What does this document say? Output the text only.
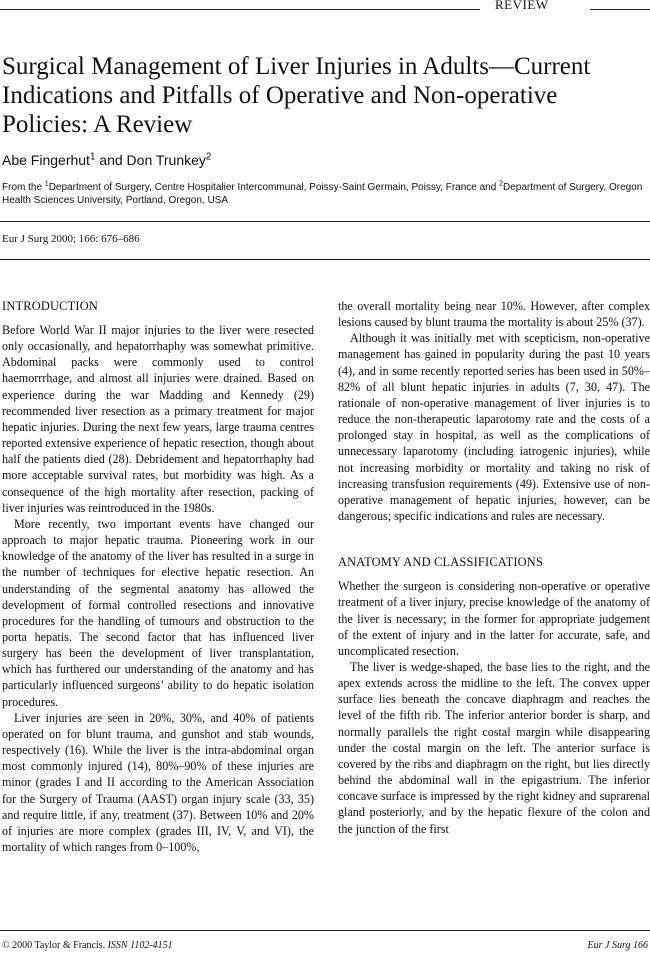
REVIEW
Surgical Management of Liver Injuries in Adults—Current Indications and Pitfalls of Operative and Non-operative Policies: A Review
Abe Fingerhut$^1$ and Don Trunkey$^2$
From the $^1$Department of Surgery, Centre Hospitalier Intercommunal, Poissy-Saint Germain, Poissy, France and $^2$Department of Surgery, Oregon Health Sciences University, Portland, Oregon, USA
Eur J Surg 2000; 166: 676–686
INTRODUCTION

Before World War II major injuries to the liver were resected only occasionally, and hepatorrhaphy was somewhat primitive. Abdominal packs were commonly used to control haemorrrhage, and almost all injuries were drained. Based on experience during the war Madding and Kennedy (29) recommended liver resection as a primary treatment for major hepatic injuries. During the next few years, large trauma centres reported extensive experience of hepatic resection, though about half the patients died (28). Debridement and hepatorrhaphy had more acceptable survival rates, but morbidity was high. As a consequence of the high mortality after resection, packing of liver injuries was reintroduced in the 1980s.

More recently, two important events have changed our approach to major hepatic trauma. Pioneering work in our knowledge of the anatomy of the liver has resulted in a surge in the number of techniques for elective hepatic resection. An understanding of the segmental anatomy has allowed the development of formal controlled resections and innovative procedures for the handling of tumours and obstruction to the porta hepatis. The second factor that has influenced liver surgery has been the development of liver transplantation, which has furthered our understanding of the anatomy and has particularly influenced surgeons’ ability to do hepatic isolation procedures.

Liver injuries are seen in 20%, 30%, and 40% of patients operated on for blunt trauma, and gunshot and stab wounds, respectively (16). While the liver is the intra-abdominal organ most commonly injured (14), 80%–90% of these injuries are minor (grades I and II according to the American Association for the Surgery of Trauma (AAST) organ injury scale (33, 35) and require little, if any, treatment (37). Between 10% and 20% of injuries are more complex (grades III, IV, V, and VI), the mortality of which ranges from 0–100%,

the overall mortality being near 10%. However, after complex lesions caused by blunt trauma the mortality is about 25% (37).

Although it was initially met with scepticism, non-operative management has gained in popularity during the past 10 years (4), and in some recently reported series has been used in 50%–82% of all blunt hepatic injuries in adults (7, 30, 47). The rationale of non-operative management of liver injuries is to reduce the non-therapeutic laparotomy rate and the costs of a prolonged stay in hospital, as well as the complications of unnecessary laparotomy (including iatrogenic injuries), while not increasing morbidity or mortality and taking no risk of increasing transfusion requirements (49). Extensive use of non-operative management of hepatic injuries, however, can be dangerous; specific indications and rules are necessary.

ANATOMY AND CLASSIFICATIONS

Whether the surgeon is considering non-operative or operative treatment of a liver injury, precise knowledge of the anatomy of the liver is necessary; in the former for appropriate judgement of the extent of injury and in the latter for accurate, safe, and uncomplicated resection.

The liver is wedge-shaped, the base lies to the right, and the apex extends across the midline to the left. The convex upper surface lies beneath the concave diaphragm and reaches the level of the fifth rib. The inferior anterior border is sharp, and normally parallels the right costal margin while disappearing under the costal margin on the left. The anterior surface is covered by the ribs and diaphragm on the right, but lies directly behind the abdominal wall in the epigastrium. The inferior concave surface is impressed by the right kidney and suprarenal gland posteriorly, and by the hepatic flexure of the colon and the junction of the first

© 2000 Taylor & Francis. ISSN 1102-4151	Eur J Surg 166
